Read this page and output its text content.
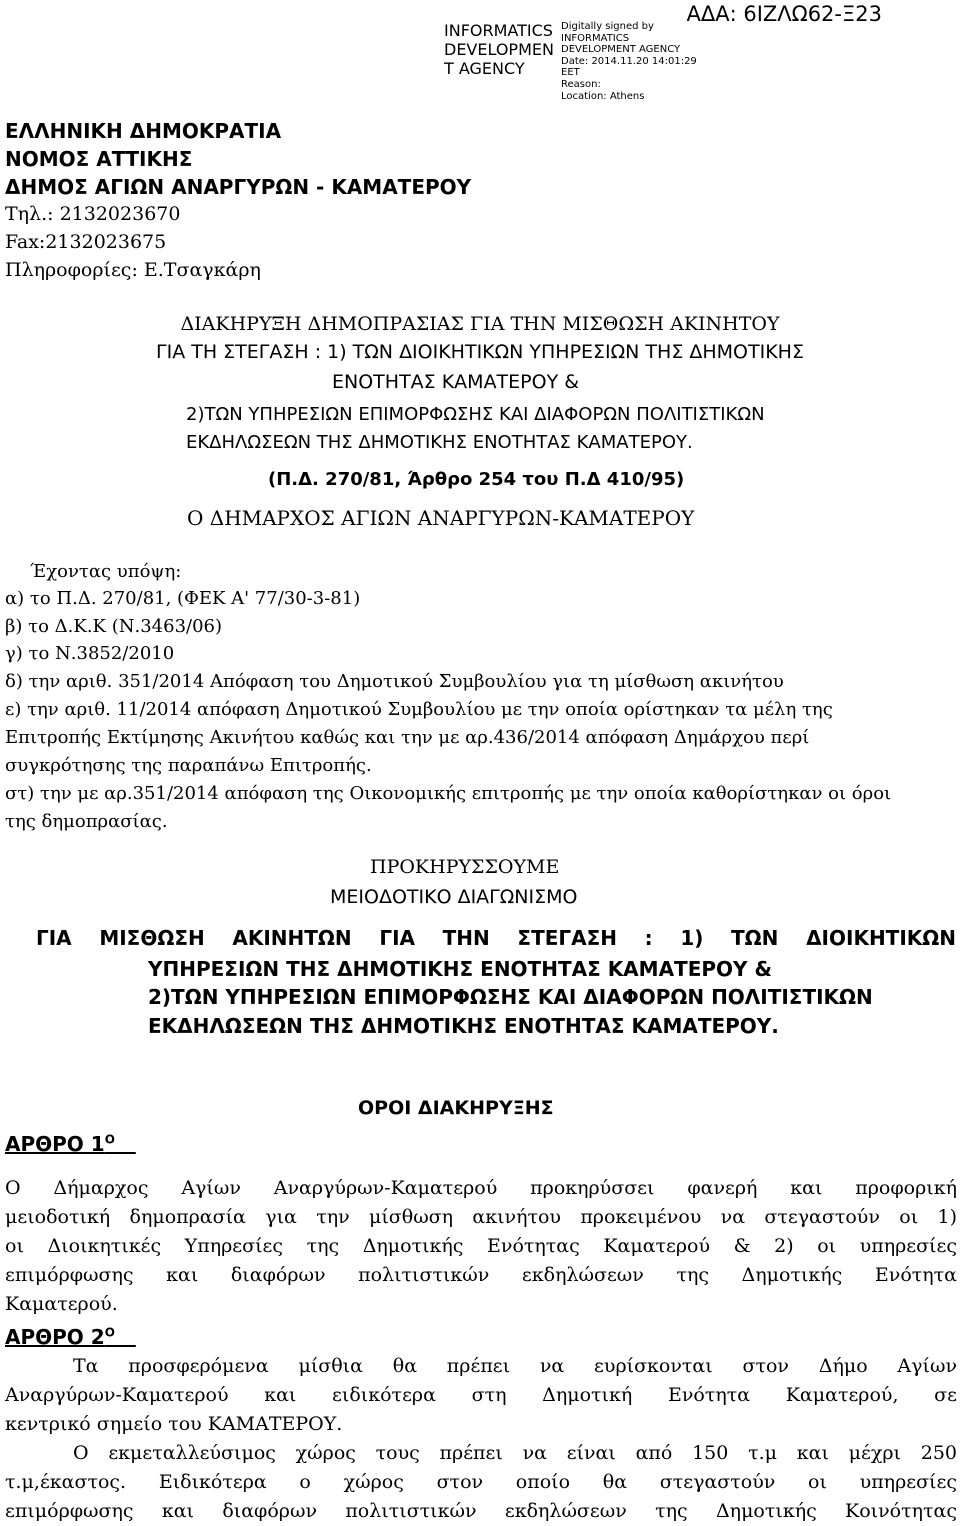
ΑΔΑ: 6ΙΖΛΩ62-Ξ23
INFORMATICS
DEVELOPMEN
T AGENCY
Digitally signed by
INFORMATICS
DEVELOPMENT AGENCY
Date: 2014.11.20 14:01:29
EET
Reason:
Location: Athens
ΕΛΛΗΝΙΚΗ ΔΗΜΟΚΡΑΤΙΑ
ΝΟΜΟΣ ΑΤΤΙΚΗΣ
ΔΗΜΟΣ ΑΓΙΩΝ ΑΝΑΡΓΥΡΩΝ - ΚΑΜΑΤΕΡΟΥ
Τηλ.: 2132023670
Fax:2132023675
Πληροφορίες: Ε.Τσαγκάρη
ΔΙΑΚΗΡΥΞΗ ΔΗΜΟΠΡΑΣΙΑΣ ΓΙΑ ΤΗΝ ΜΙΣΘΩΣΗ ΑΚΙΝΗΤΟΥ
ΓΙΑ ΤΗ ΣΤΕΓΑΣΗ : 1) ΤΩΝ ΔΙΟΙΚΗΤΙΚΩΝ ΥΠΗΡΕΣΙΩΝ ΤΗΣ ΔΗΜΟΤΙΚΗΣ
ΕΝΟΤΗΤΑΣ ΚΑΜΑΤΕΡΟΥ &
2)ΤΩΝ ΥΠΗΡΕΣΙΩΝ ΕΠΙΜΟΡΦΩΣΗΣ ΚΑΙ ΔΙΑΦΟΡΩΝ ΠΟΛΙΤΙΣΤΙΚΩΝ
ΕΚΔΗΛΩΣΕΩΝ ΤΗΣ ΔΗΜΟΤΙΚΗΣ ΕΝΟΤΗΤΑΣ ΚΑΜΑΤΕΡΟΥ.
(Π.Δ. 270/81, Άρθρο 254 του Π.Δ 410/95)
Ο ΔΗΜΑΡΧΟΣ ΑΓΙΩΝ ΑΝΑΡΓΥΡΩΝ-ΚΑΜΑΤΕΡΟΥ
Έχοντας υπόψη:
α) το Π.Δ. 270/81, (ΦΕΚ Α' 77/30-3-81)
β) το Δ.Κ.Κ (Ν.3463/06)
γ) το Ν.3852/2010
δ) την αριθ. 351/2014 Απόφαση του Δημοτικού Συμβουλίου για τη μίσθωση ακινήτου
ε) την αριθ. 11/2014 απόφαση Δημοτικού Συμβουλίου με την οποία ορίστηκαν τα μέλη της
Επιτροπής Εκτίμησης Ακινήτου καθώς και την με αρ.436/2014 απόφαση Δημάρχου περί
συγκρότησης της παραπάνω Επιτροπής.
στ) την με αρ.351/2014 απόφαση της Οικονομικής επιτροπής με την οποία καθορίστηκαν οι όροι
της δημοπρασίας.
ΠΡΟΚΗΡΥΣΣΟΥΜΕ
ΜΕΙΟΔΟΤΙΚΟ ΔΙΑΓΩΝΙΣΜΟ
ΓΙΑ ΜΙΣΘΩΣΗ ΑΚΙΝΗΤΩΝ ΓΙΑ ΤΗΝ ΣΤΕΓΑΣΗ : 1) ΤΩΝ ΔΙΟΙΚΗΤΙΚΩΝ
ΥΠΗΡΕΣΙΩΝ ΤΗΣ ΔΗΜΟΤΙΚΗΣ ΕΝΟΤΗΤΑΣ ΚΑΜΑΤΕΡΟΥ &
2)ΤΩΝ ΥΠΗΡΕΣΙΩΝ ΕΠΙΜΟΡΦΩΣΗΣ ΚΑΙ ΔΙΑΦΟΡΩΝ ΠΟΛΙΤΙΣΤΙΚΩΝ
ΕΚΔΗΛΩΣΕΩΝ ΤΗΣ ΔΗΜΟΤΙΚΗΣ ΕΝΟΤΗΤΑΣ ΚΑΜΑΤΕΡΟΥ.
ΟΡΟΙ ΔΙΑΚΗΡΥΞΗΣ
ΑΡΘΡΟ $1^O$
Ο Δήμαρχος Αγίων Αναργύρων-Καματερού προκηρύσσει φανερή και προφορική
μειοδοτική δημοπρασία για την μίσθωση ακινήτου προκειμένου να στεγαστούν οι 1)
οι Διοικητικές Υπηρεσίες της Δημοτικής Ενότητας Καματερού & 2) οι υπηρεσίες
επιμόρφωσης και διαφόρων πολιτιστικών εκδηλώσεων της Δημοτικής Ενότητα
Καματερού.
ΑΡΘΡΟ $2^O$
Τα προσφερόμενα μίσθια θα πρέπει να ευρίσκονται στον Δήμο Αγίων
Αναργύρων-Καματερού και ειδικότερα στη Δημοτική Ενότητα Καματερού, σε
κεντρικό σημείο του ΚΑΜΑΤΕΡΟΥ.
Ο εκμεταλλεύσιμος χώρος τους πρέπει να είναι από 150 τ.μ και μέχρι 250
τ.μ,έκαστος. Ειδικότερα ο χώρος στον οποίο θα στεγαστούν οι υπηρεσίες
επιμόρφωσης και διαφόρων πολιτιστικών εκδηλώσεων της Δημοτικής Κοινότητας
